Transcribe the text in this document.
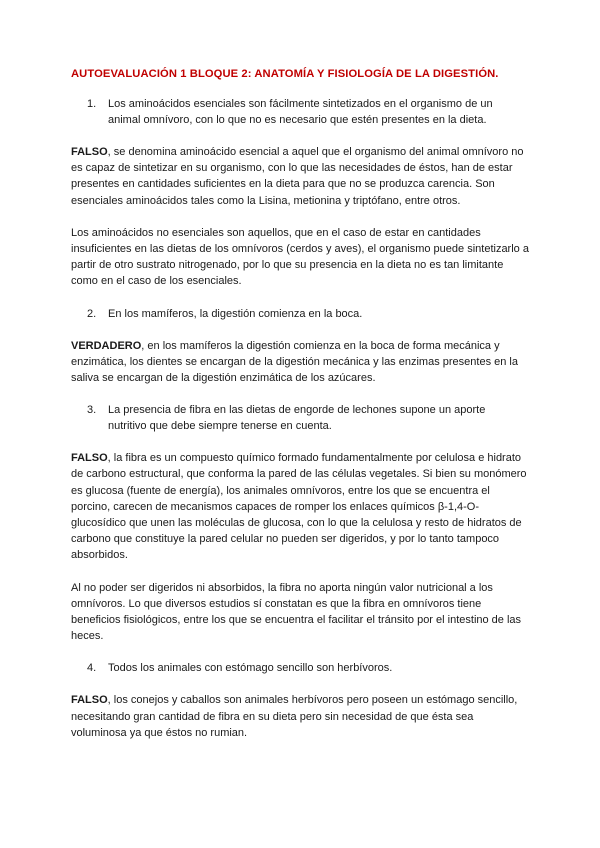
AUTOEVALUACIÓN 1 BLOQUE 2: ANATOMÍA Y FISIOLOGÍA DE LA DIGESTIÓN.
1.	Los aminoácidos esenciales son fácilmente sintetizados en el organismo de un animal omnívoro, con lo que no es necesario que estén presentes en la dieta.

FALSO, se denomina aminoácido esencial a aquel que el organismo del animal omnívoro no es capaz de sintetizar en su organismo, con lo que las necesidades de éstos, han de estar presentes en cantidades suficientes en la dieta para que no se produzca carencia. Son esenciales aminoácidos tales como la Lisina, metionina y triptófano, entre otros.

Los aminoácidos no esenciales son aquellos, que en el caso de estar en cantidades insuficientes en las dietas de los omnívoros (cerdos y aves), el organismo puede sintetizarlo a partir de otro sustrato nitrogenado, por lo que su presencia en la dieta no es tan limitante como en el caso de los esenciales.

2.	En los mamíferos, la digestión comienza en la boca.

VERDADERO, en los mamíferos la digestión comienza en la boca de forma mecánica y enzimática, los dientes se encargan de la digestión mecánica y las enzimas presentes en la saliva se encargan de la digestión enzimática de los azúcares.

3.	La presencia de fibra en las dietas de engorde de lechones supone un aporte nutritivo que debe siempre tenerse en cuenta.

FALSO, la fibra es un compuesto químico formado fundamentalmente por celulosa e hidrato de carbono estructural, que conforma la pared de las células vegetales. Si bien su monómero es glucosa (fuente de energía), los animales omnívoros, entre los que se encuentra el porcino, carecen de mecanismos capaces de romper los enlaces químicos β-1,4-O-glucosídico que unen las moléculas de glucosa, con lo que la celulosa y resto de hidratos de carbono que constituye la pared celular no pueden ser digeridos, y por lo tanto tampoco absorbidos.

Al no poder ser digeridos ni absorbidos, la fibra no aporta ningún valor nutricional a los omnívoros. Lo que diversos estudios sí constatan es que la fibra en omnívoros tiene beneficios fisiológicos, entre los que se encuentra el facilitar el tránsito por el intestino de las heces.

4.	Todos los animales con estómago sencillo son herbívoros.

FALSO, los conejos y caballos son animales herbívoros pero poseen un estómago sencillo, necesitando gran cantidad de fibra en su dieta pero sin necesidad de que ésta sea voluminosa ya que éstos no rumian.
